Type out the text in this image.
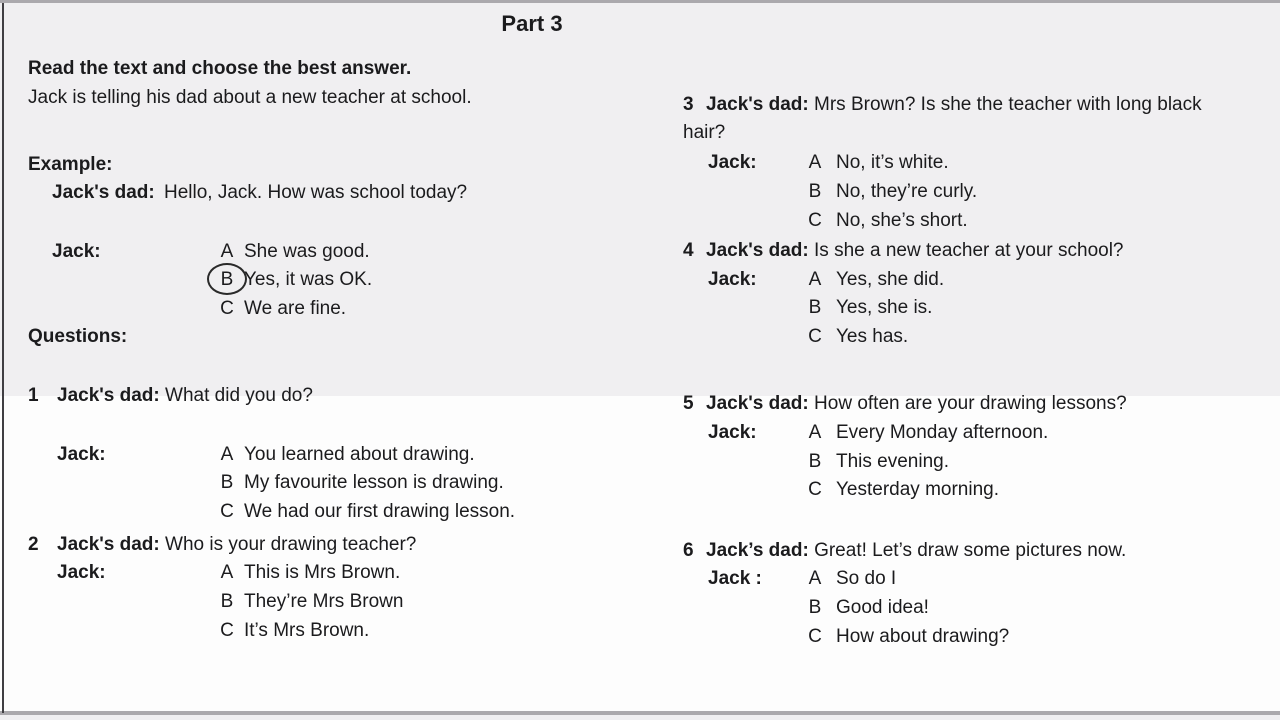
Part 3
Read the text and choose the best answer.
Jack is telling his dad about a new teacher at school.
Example:
Jack's dad: Hello, Jack. How was school today?
Jack:	A She was good.
B Yes, it was OK.
C We are fine.
Questions:
1 Jack's dad: What did you do?
Jack:	A You learned about drawing.
B My favourite lesson is drawing.
C We had our first drawing lesson.
2 Jack's dad: Who is your drawing teacher?
Jack:	A This is Mrs Brown.
B They’re Mrs Brown
C It’s Mrs Brown.
3 Jack's dad: Mrs Brown? Is she the teacher with long black hair?
Jack:	A No, it’s white.
B No, they’re curly.
C No, she’s short.
4 Jack's dad: Is she a new teacher at your school?
Jack:	A Yes, she did.
B Yes, she is.
C Yes has.
5 Jack's dad: How often are your drawing lessons?
Jack:	A Every Monday afternoon.
B This evening.
C Yesterday morning.
6 Jack’s dad: Great! Let’s draw some pictures now.
Jack : A So do I
B Good idea!
C How about drawing?
